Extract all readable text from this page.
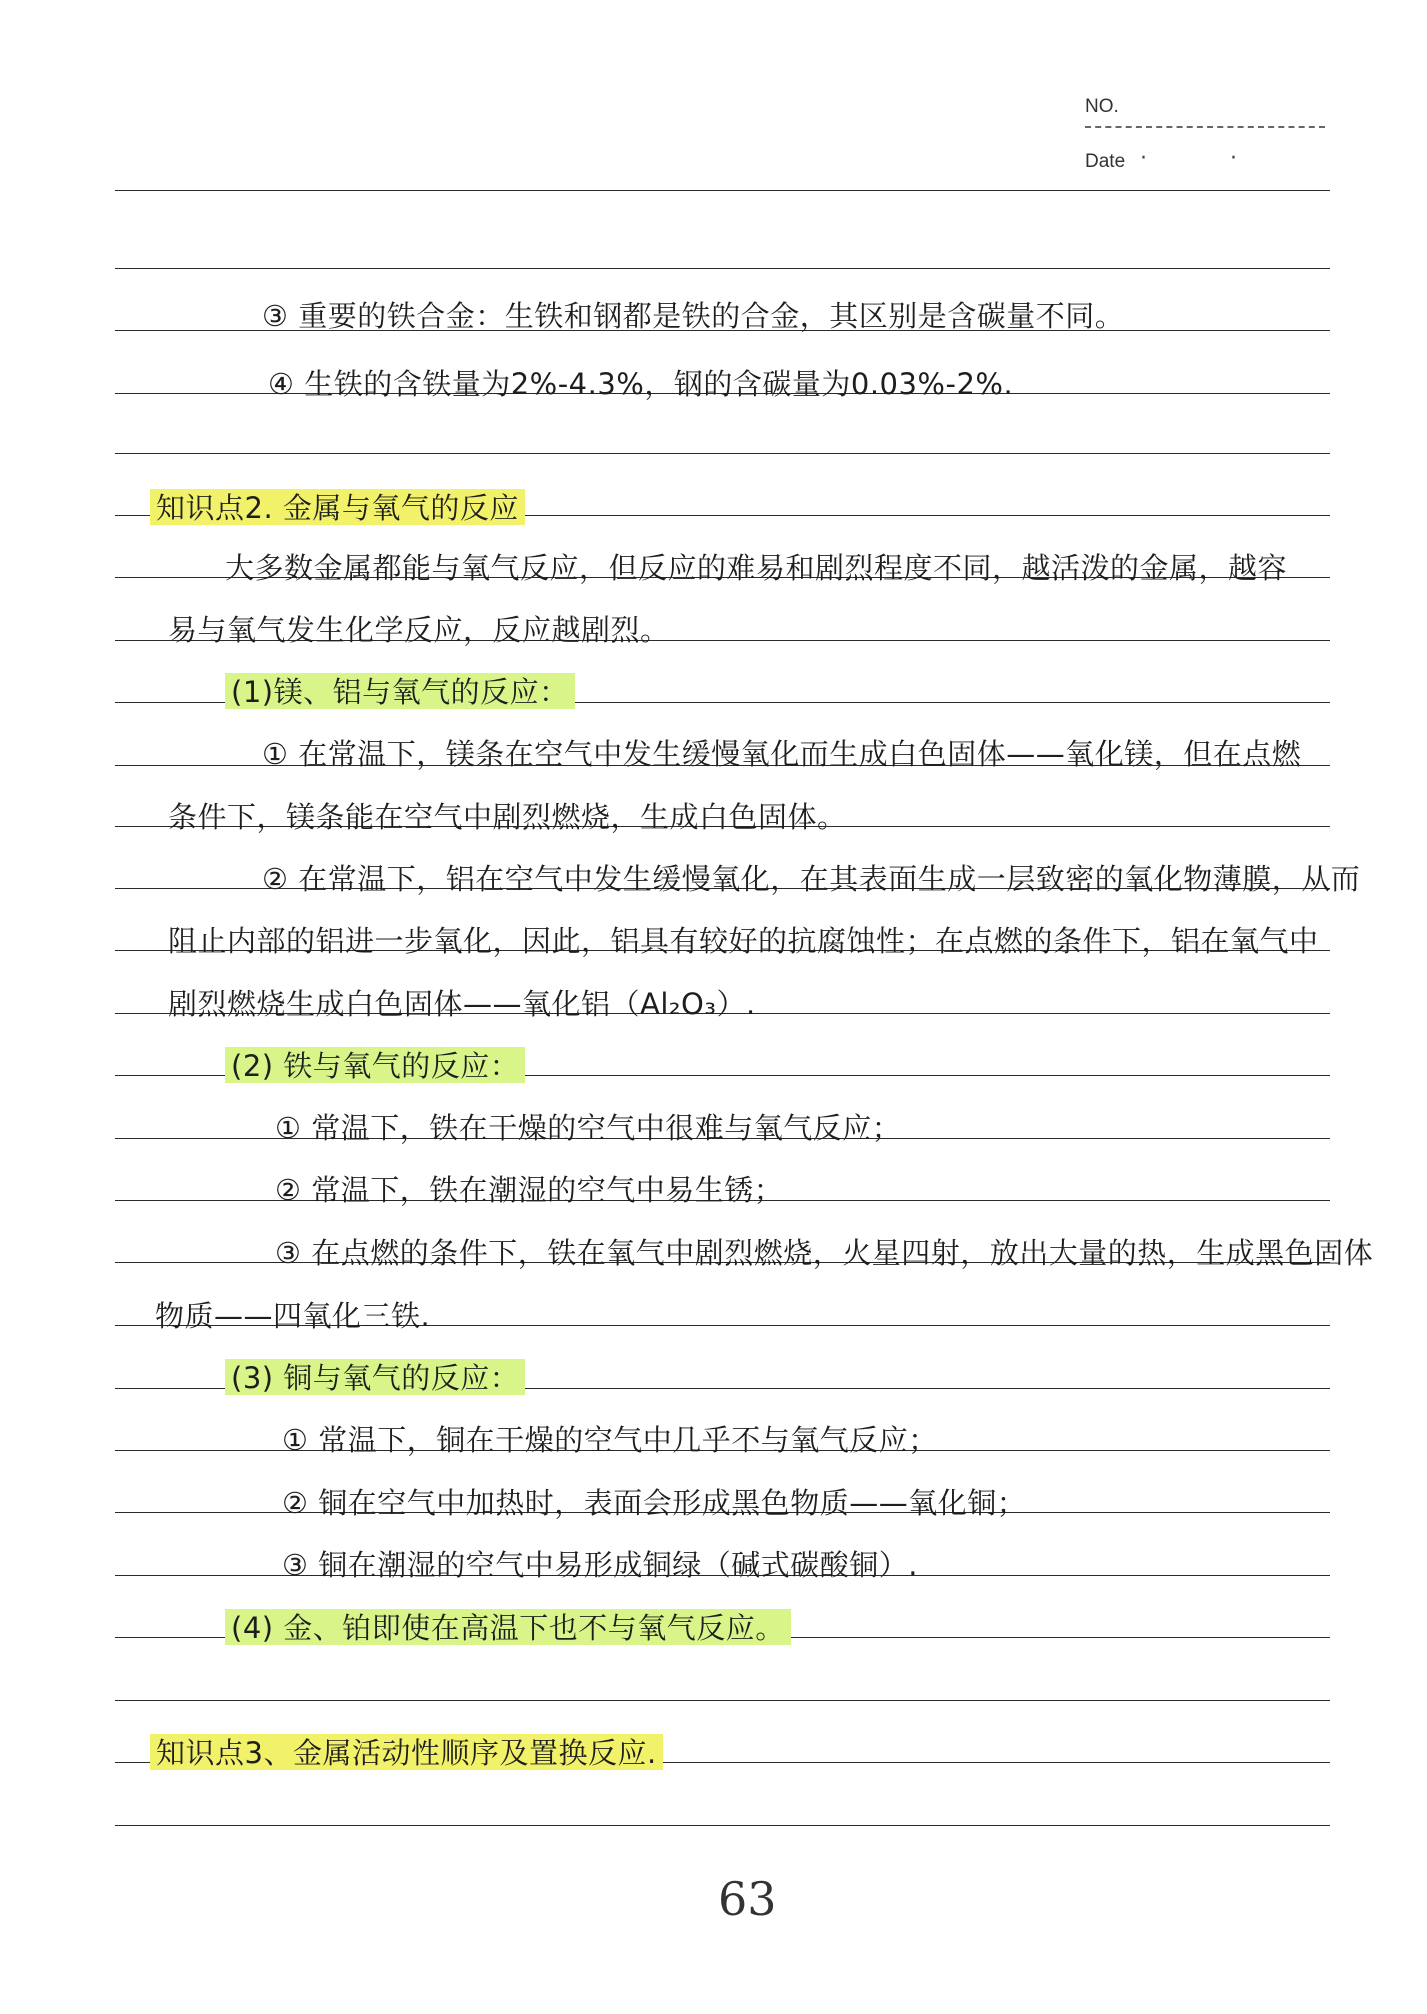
NO.
Date · ·
③ 重要的铁合金：生铁和钢都是铁的合金，其区别是含碳量不同。
④ 生铁的含铁量为2%-4.3%，钢的含碳量为0.03%-2%.
知识点2. 金属与氧气的反应
大多数金属都能与氧气反应，但反应的难易和剧烈程度不同，越活泼的金属，越容
易与氧气发生化学反应，反应越剧烈。
(1)镁、铝与氧气的反应：
① 在常温下，镁条在空气中发生缓慢氧化而生成白色固体——氧化镁，但在点燃
条件下，镁条能在空气中剧烈燃烧，生成白色固体。
② 在常温下，铝在空气中发生缓慢氧化，在其表面生成一层致密的氧化物薄膜，从而
阻止内部的铝进一步氧化，因此，铝具有较好的抗腐蚀性；在点燃的条件下，铝在氧气中
剧烈燃烧生成白色固体——氧化铝（Al₂O₃）.
(2) 铁与氧气的反应：
① 常温下，铁在干燥的空气中很难与氧气反应；
② 常温下，铁在潮湿的空气中易生锈；
③ 在点燃的条件下，铁在氧气中剧烈燃烧，火星四射，放出大量的热，生成黑色固体
物质——四氧化三铁.
(3) 铜与氧气的反应：
① 常温下，铜在干燥的空气中几乎不与氧气反应；
② 铜在空气中加热时，表面会形成黑色物质——氧化铜；
③ 铜在潮湿的空气中易形成铜绿（碱式碳酸铜）.
(4) 金、铂即使在高温下也不与氧气反应。
知识点3、金属活动性顺序及置换反应.
63
